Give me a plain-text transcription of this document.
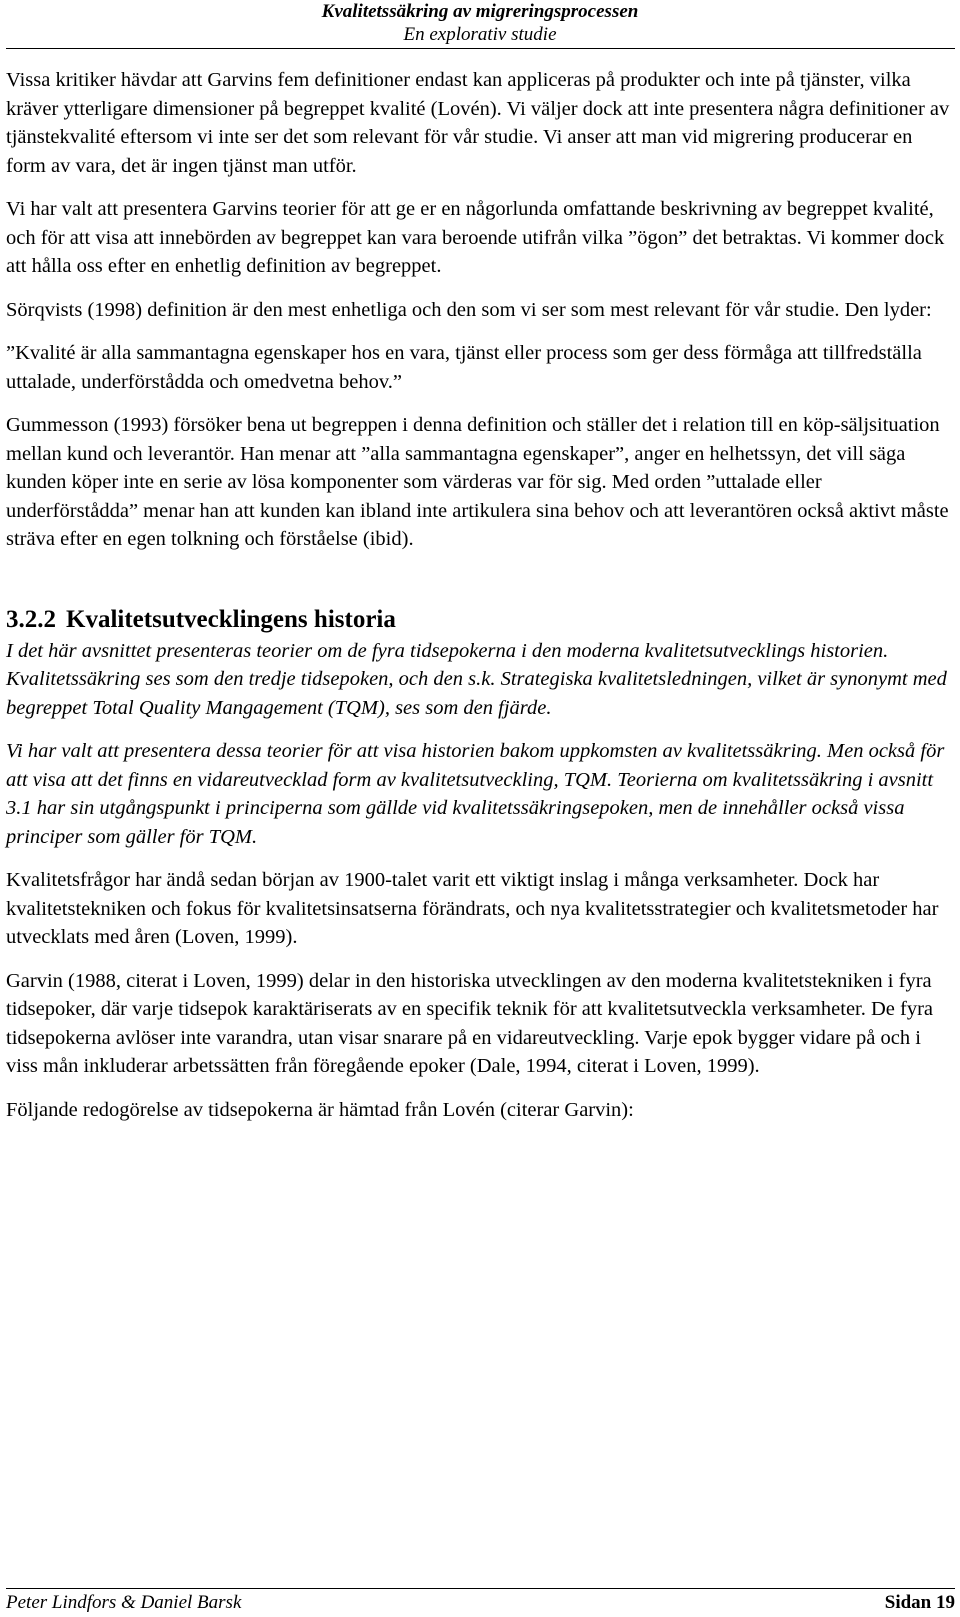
Kvalitetssäkring av migreringsprocessen
En explorativ studie

Vissa kritiker hävdar att Garvins fem definitioner endast kan appliceras på produkter och inte på tjänster, vilka kräver ytterligare dimensioner på begreppet kvalité (Lovén). Vi väljer dock att inte presentera några definitioner av tjänstekvalité eftersom vi inte ser det som relevant för vår studie. Vi anser att man vid migrering producerar en form av vara, det är ingen tjänst man utför.

Vi har valt att presentera Garvins teorier för att ge er en någorlunda omfattande beskrivning av begreppet kvalité, och för att visa att innebörden av begreppet kan vara beroende utifrån vilka ”ögon” det betraktas. Vi kommer dock att hålla oss efter en enhetlig definition av begreppet.

Sörqvists (1998) definition är den mest enhetliga och den som vi ser som mest relevant för vår studie. Den lyder:

”Kvalité är alla sammantagna egenskaper hos en vara, tjänst eller process som ger dess förmåga att tillfredställa uttalade, underförstådda och omedvetna behov.”

Gummesson (1993) försöker bena ut begreppen i denna definition och ställer det i relation till en köp-säljsituation mellan kund och leverantör. Han menar att ”alla sammantagna egenskaper”, anger en helhetssyn, det vill säga kunden köper inte en serie av lösa komponenter som värderas var för sig. Med orden ”uttalade eller underförstådda” menar han att kunden kan ibland inte artikulera sina behov och att leverantören också aktivt måste sträva efter en egen tolkning och förståelse (ibid).

3.2.2 Kvalitetsutvecklingens historia

I det här avsnittet presenteras teorier om de fyra tidsepokerna i den moderna kvalitetsutvecklings historien. Kvalitetssäkring ses som den tredje tidsepoken, och den s.k. Strategiska kvalitetsledningen, vilket är synonymt med begreppet Total Quality Mangagement (TQM), ses som den fjärde.

Vi har valt att presentera dessa teorier för att visa historien bakom uppkomsten av kvalitetssäkring. Men också för att visa att det finns en vidareutvecklad form av kvalitetsutveckling, TQM. Teorierna om kvalitetssäkring i avsnitt 3.1 har sin utgångspunkt i principerna som gällde vid kvalitetssäkringsepoken, men de innehåller också vissa principer som gäller för TQM.

Kvalitetsfrågor har ändå sedan början av 1900-talet varit ett viktigt inslag i många verksamheter. Dock har kvalitetstekniken och fokus för kvalitetsinsatserna förändrats, och nya kvalitetsstrategier och kvalitetsmetoder har utvecklats med åren (Loven, 1999).

Garvin (1988, citerat i Loven, 1999) delar in den historiska utvecklingen av den moderna kvalitetstekniken i fyra tidsepoker, där varje tidsepok karaktäriserats av en specifik teknik för att kvalitetsutveckla verksamheter. De fyra tidsepokerna avlöser inte varandra, utan visar snarare på en vidareutveckling. Varje epok bygger vidare på och i viss mån inkluderar arbetssätten från föregående epoker (Dale, 1994, citerat i Loven, 1999).

Följande redogörelse av tidsepokerna är hämtad från Lovén (citerar Garvin):

Peter Lindfors & Daniel Barsk	Sidan 19
